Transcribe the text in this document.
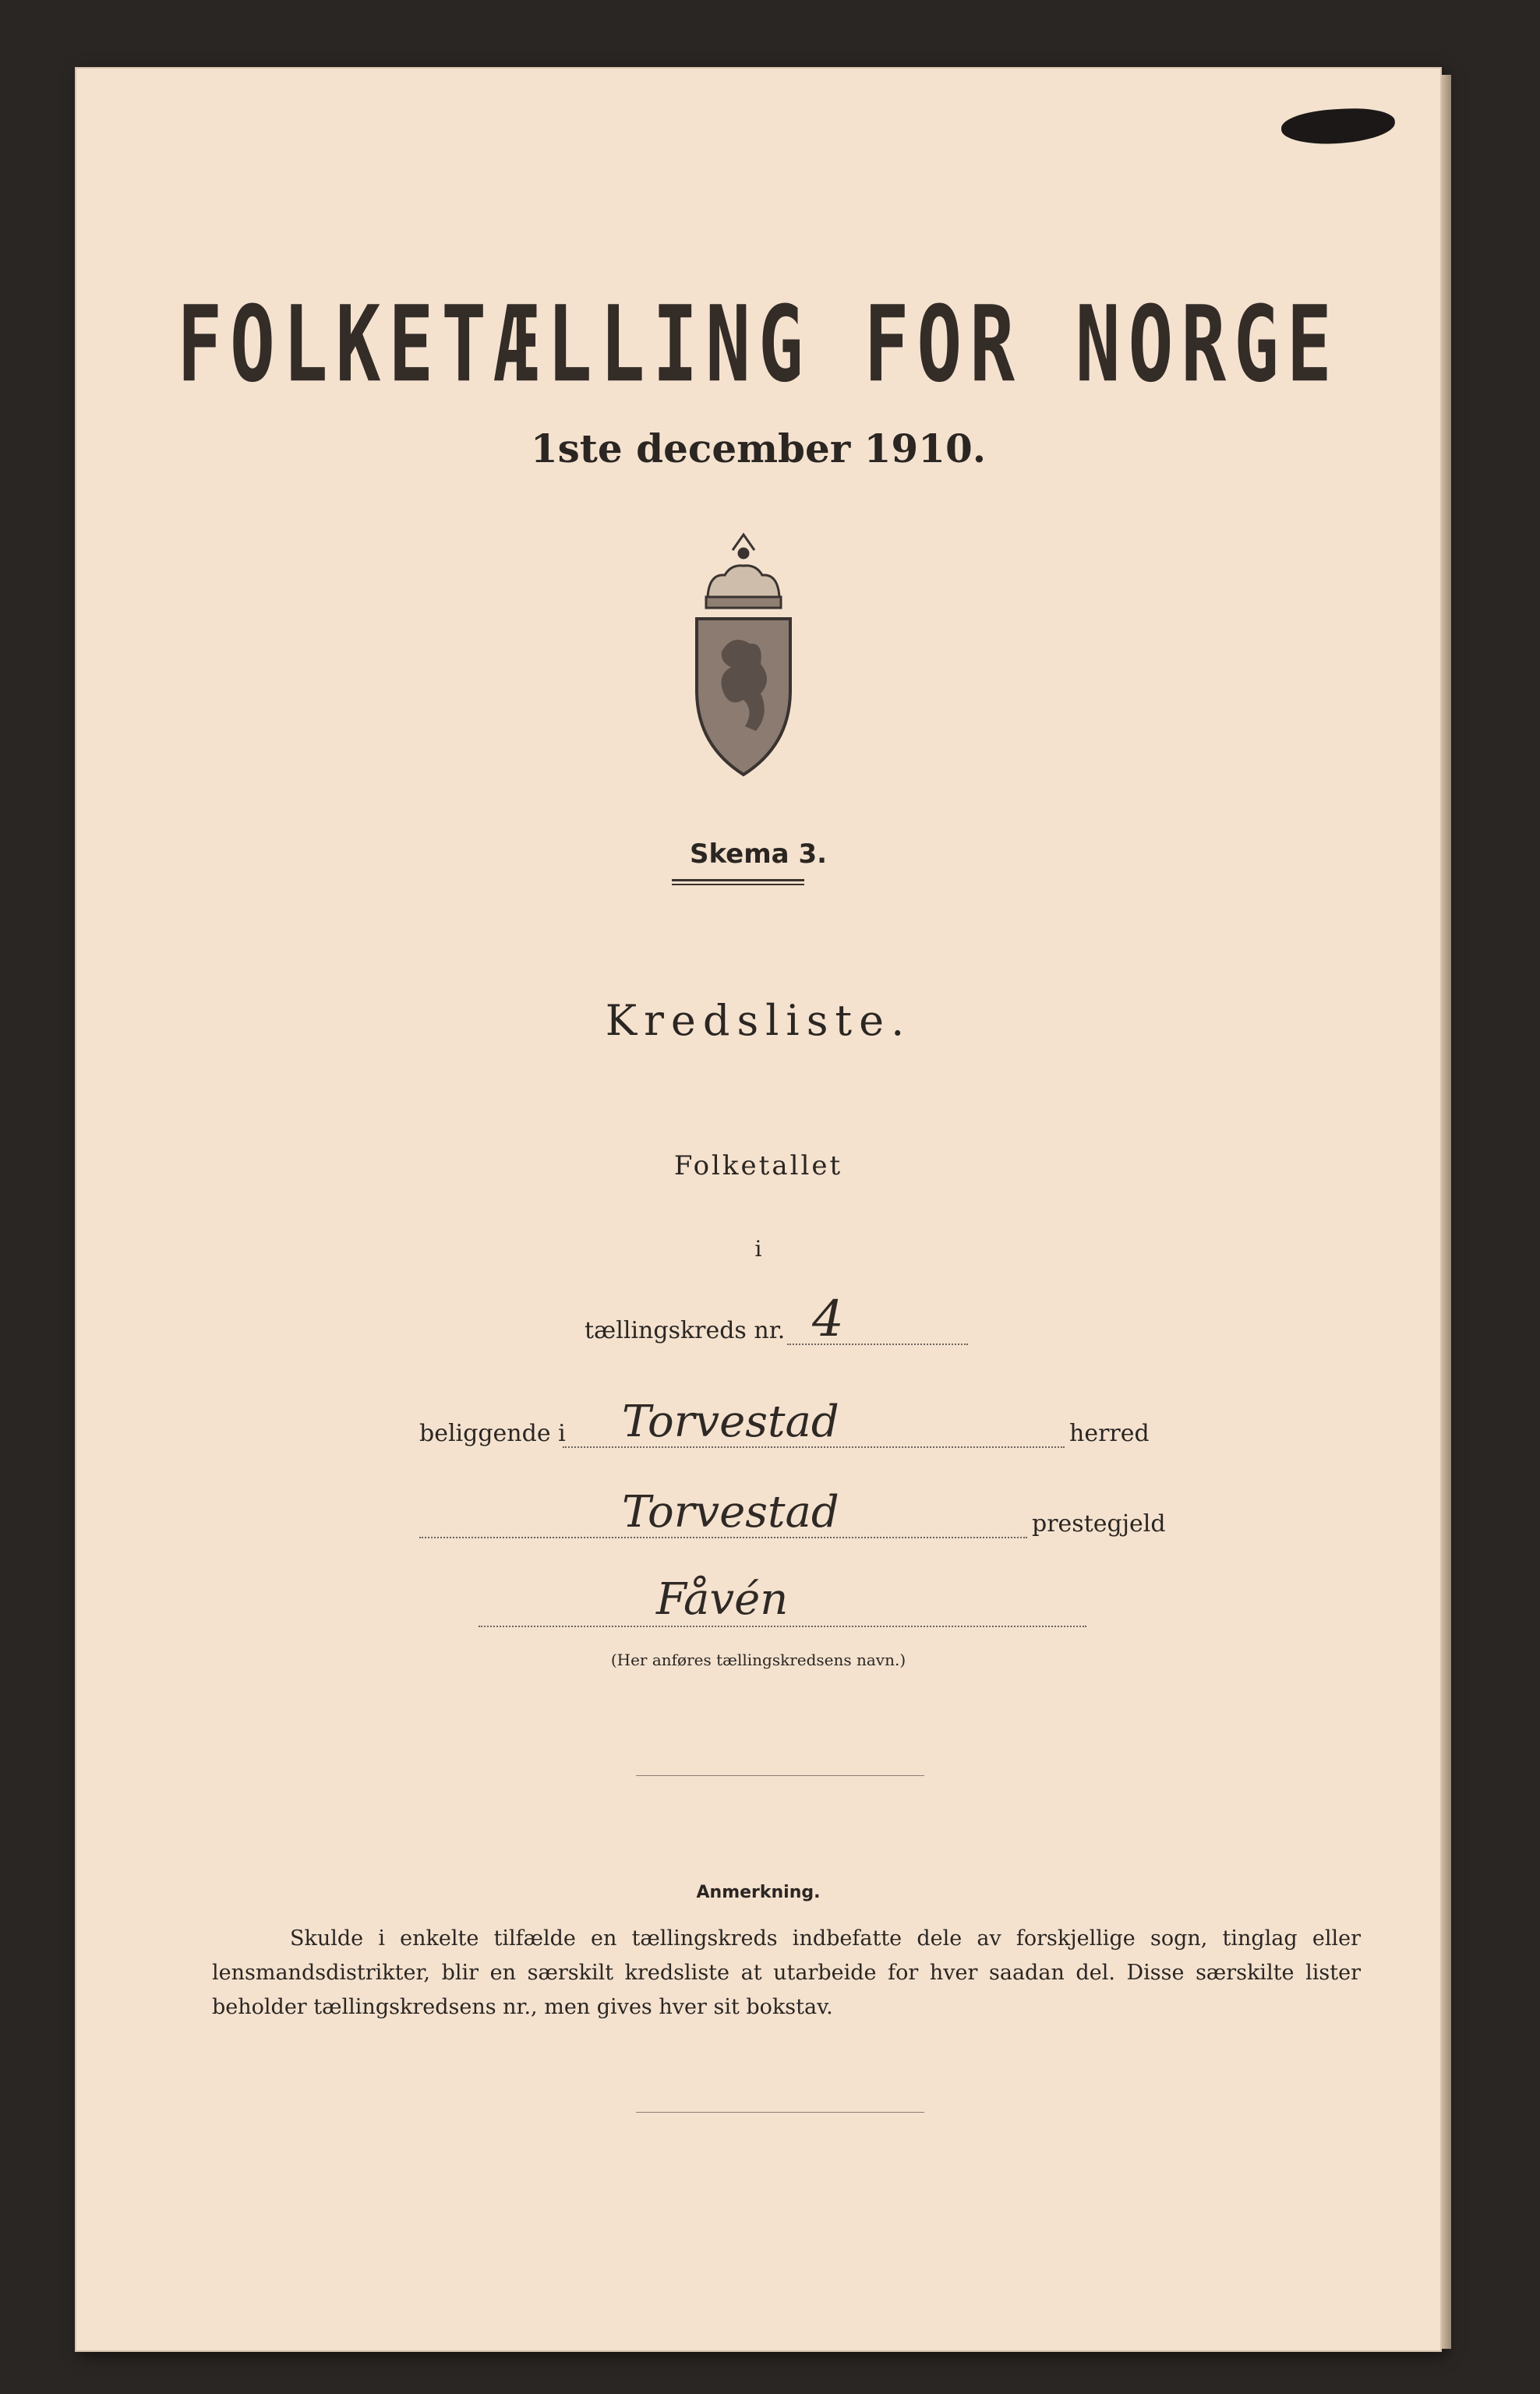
FOLKETÆLLING FOR NORGE
1ste december 1910.
Skema 3.
Kredsliste.
Folketallet
i
tællingskreds nr. 4
beliggende i Torvestad	herred
Torvestad	prestegjeld
Fåvén
(Her anføres tællingskredsens navn.)
Anmerkning.

Skulde i enkelte tilfælde en tællingskreds indbefatte dele av forskjellige sogn, tinglag eller lensmandsdistrikter, blir en særskilt kredsliste at utarbeide for hver saadan del. Disse særskilte lister beholder tællingskredsens nr., men gives hver sit bokstav.
